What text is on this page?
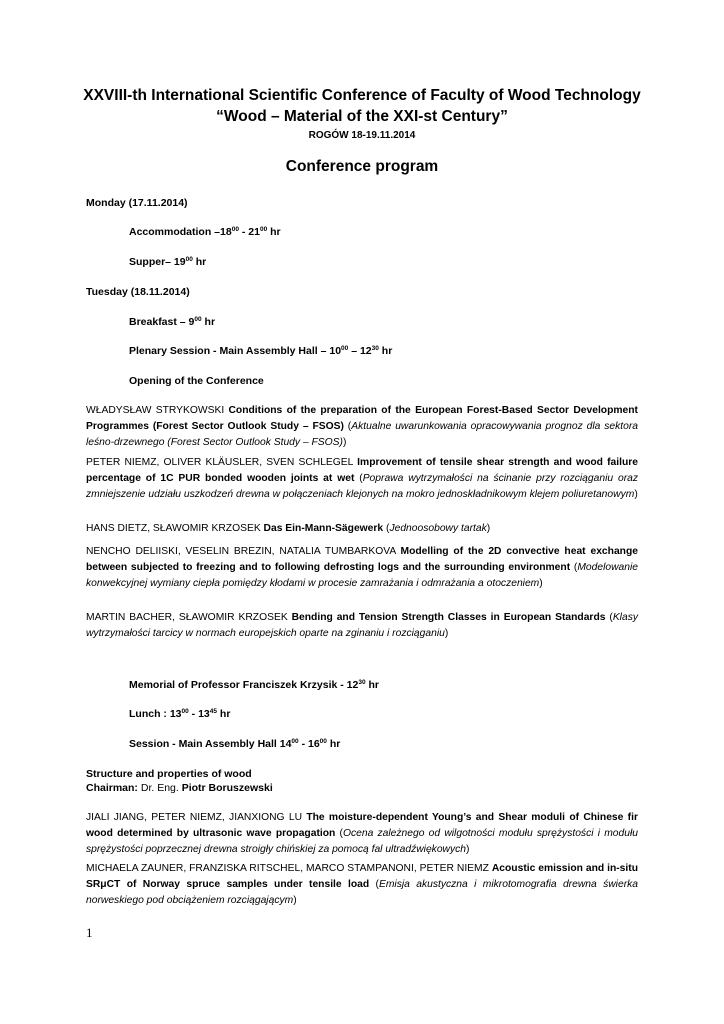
XXVIII-th International Scientific Conference of Faculty of Wood Technology
“Wood – Material of the XXI-st Century”
ROGÓW 18-19.11.2014
Conference program
Monday (17.11.2014)
Accommodation $-18^{00} - 21^{00}$ hr
Supper– $19^{00}$ hr
Tuesday (18.11.2014)
Breakfast – $9^{00}$ hr
Plenary Session - Main Assembly Hall – $10^{00} - 12^{30}$ hr
Opening of the Conference
WŁADYSŁAW STRYKOWSKI Conditions of the preparation of the European Forest-Based Sector Development Programmes (Forest Sector Outlook Study – FSOS) (Aktualne uwarunkowania opracowywania prognoz dla sektora leśno-drzewnego (Forest Sector Outlook Study – FSOS))
PETER NIEMZ, OLIVER KLÄUSLER, SVEN SCHLEGEL Improvement of tensile shear strength and wood failure percentage of 1C PUR bonded wooden joints at wet (Poprawa wytrzymałości na ścinanie przy rozciąganiu oraz zmniejszenie udziału uszkodzeń drewna w połączeniach klejonych na mokro jednoskładnikowym klejem poliuretanowym)
HANS DIETZ, SŁAWOMIR KRZOSEK Das Ein-Mann-Sägewerk (Jednoosobowy tartak)
NENCHO DELIISKI, VESELIN BREZIN, NATALIA TUMBARKOVA Modelling of the 2D convective heat exchange between subjected to freezing and to following defrosting logs and the surrounding environment (Modelowanie konwekcyjnej wymiany ciepła pomiędzy kłodami w procesie zamrażania i odmrażania a otoczeniem)
MARTIN BACHER, SŁAWOMIR KRZOSEK Bending and Tension Strength Classes in European Standards (Klasy wytrzymałości tarcicy w normach europejskich oparte na zginaniu i rozciąganiu)
Memorial of Professor Franciszek Krzysik - $12^{30}$ hr
Lunch : $13^{00} - 13^{45}$ hr
Session - Main Assembly Hall $14^{00} - 16^{00}$ hr
Structure and properties of wood
Chairman: Dr. Eng. Piotr Boruszewski
JIALI JIANG, PETER NIEMZ, JIANXIONG LU The moisture-dependent Young’s and Shear moduli of Chinese fir wood determined by ultrasonic wave propagation (Ocena zależnego od wilgotności modułu sprężystości i modułu sprężystości poprzecznej drewna stroigły chińskiej za pomocą fal ultradźwiękowych)
MICHAELA ZAUNER, FRANZISKA RITSCHEL, MARCO STAMPANONI, PETER NIEMZ Acoustic emission and in-situ SRμCT of Norway spruce samples under tensile load (Emisja akustyczna i mikrotomografia drewna świerka norweskiego pod obciążeniem rozciągającym)
1
